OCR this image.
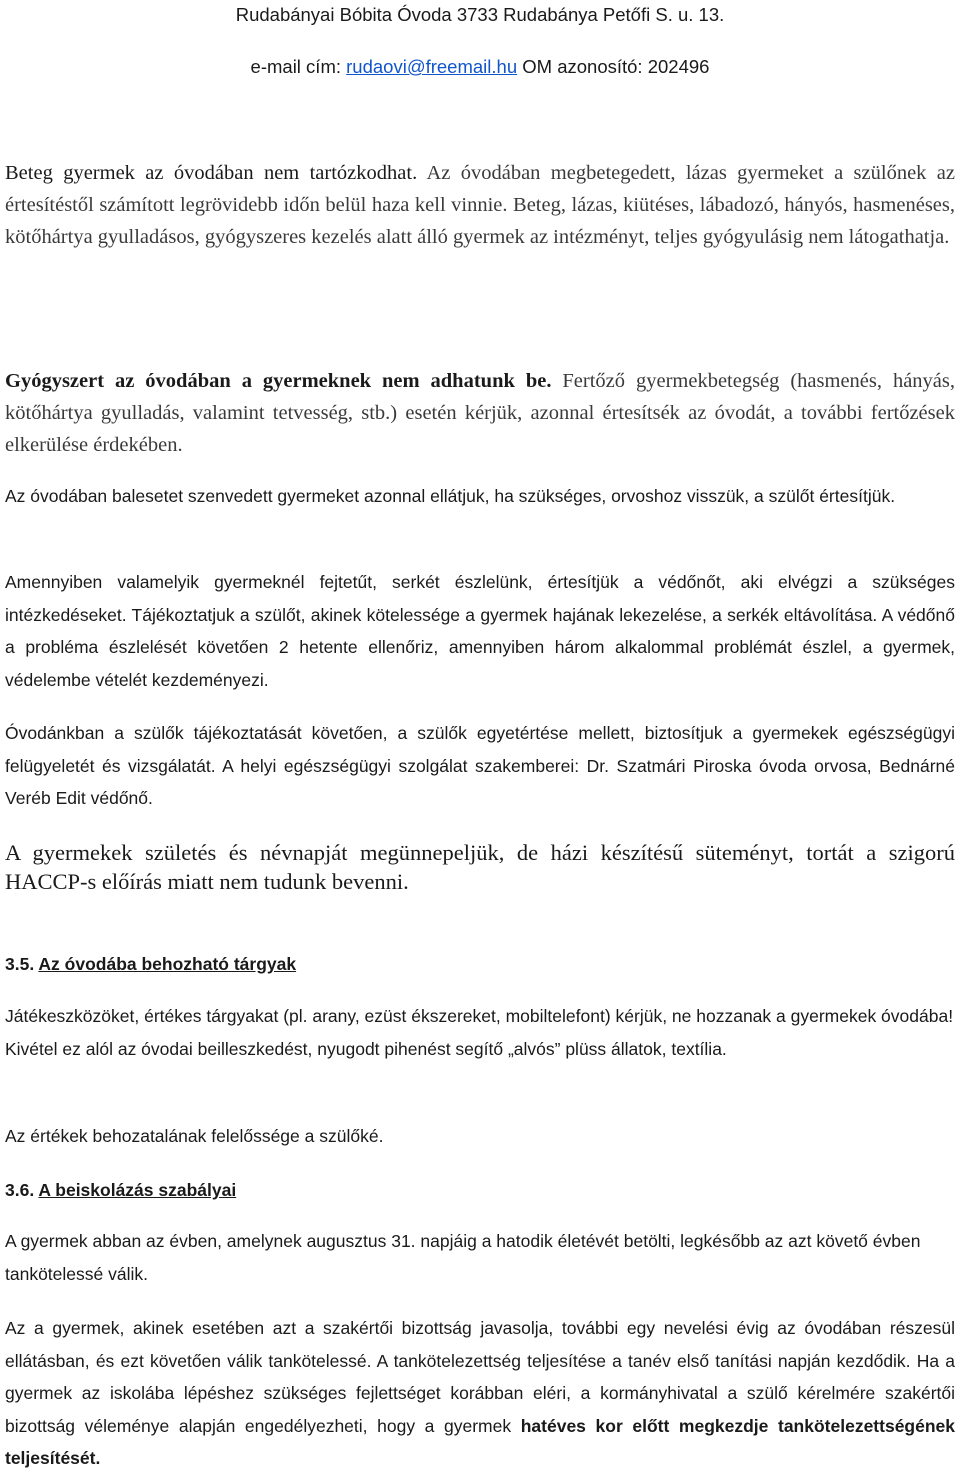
Rudabányai Bóbita Óvoda 3733 Rudabánya Petőfi S. u. 13.
e-mail cím: rudaovi@freemail.hu OM azonosító: 202496

Beteg gyermek az óvodában nem tartózkodhat. Az óvodában megbetegedett, lázas gyermeket a szülőnek az értesítéstől számított legrövidebb időn belül haza kell vinnie. Beteg, lázas, kiütéses, lábadozó, hányós, hasmenéses, kötőhártya gyulladásos, gyógyszeres kezelés alatt álló gyermek az intézményt, teljes gyógyulásig nem látogathatja.

Gyógyszert az óvodában a gyermeknek nem adhatunk be. Fertőző gyermekbetegség (hasmenés, hányás, kötőhártya gyulladás, valamint tetvesség, stb.) esetén kérjük, azonnal értesítsék az óvodát, a további fertőzések elkerülése érdekében.

Az óvodában balesetet szenvedett gyermeket azonnal ellátjuk, ha szükséges, orvoshoz visszük, a szülőt értesítjük.

Amennyiben valamelyik gyermeknél fejtetűt, serkét észlelünk, értesítjük a védőnőt, aki elvégzi a szükséges intézkedéseket. Tájékoztatjuk a szülőt, akinek kötelessége a gyermek hajának lekezelése, a serkék eltávolítása. A védőnő a probléma észlelését követően 2 hetente ellenőriz, amennyiben három alkalommal problémát észlel, a gyermek, védelembe vételét kezdeményezi.

Óvodánkban a szülők tájékoztatását követően, a szülők egyetértése mellett, biztosítjuk a gyermekek egészségügyi felügyeletét és vizsgálatát. A helyi egészségügyi szolgálat szakemberei: Dr. Szatmári Piroska óvoda orvosa, Bednárné Veréb Edit védőnő.

A gyermekek születés és névnapját megünnepeljük, de házi készítésű süteményt, tortát a szigorú HACCP-s előírás miatt nem tudunk bevenni.

3.5. Az óvodába behozható tárgyak

Játékeszközöket, értékes tárgyakat (pl. arany, ezüst ékszereket, mobiltelefont) kérjük, ne hozzanak a gyermekek óvodába! Kivétel ez alól az óvodai beilleszkedést, nyugodt pihenést segítő „alvós” plüss állatok, textília.

Az értékek behozatalának felelőssége a szülőké.

3.6. A beiskolázás szabályai

A gyermek abban az évben, amelynek augusztus 31. napjáig a hatodik életévét betölti, legkésőbb az azt követő évben tankötelessé válik.

Az a gyermek, akinek esetében azt a szakértői bizottság javasolja, további egy nevelési évig az óvodában részesül ellátásban, és ezt követően válik tankötelessé. A tankötelezettség teljesítése a tanév első tanítási napján kezdődik. Ha a gyermek az iskolába lépéshez szükséges fejlettséget korábban eléri, a kormányhivatal a szülő kérelmére szakértői bizottság véleménye alapján engedélyezheti, hogy a gyermek hatéves kor előtt megkezdje tankötelezettségének teljesítését.
